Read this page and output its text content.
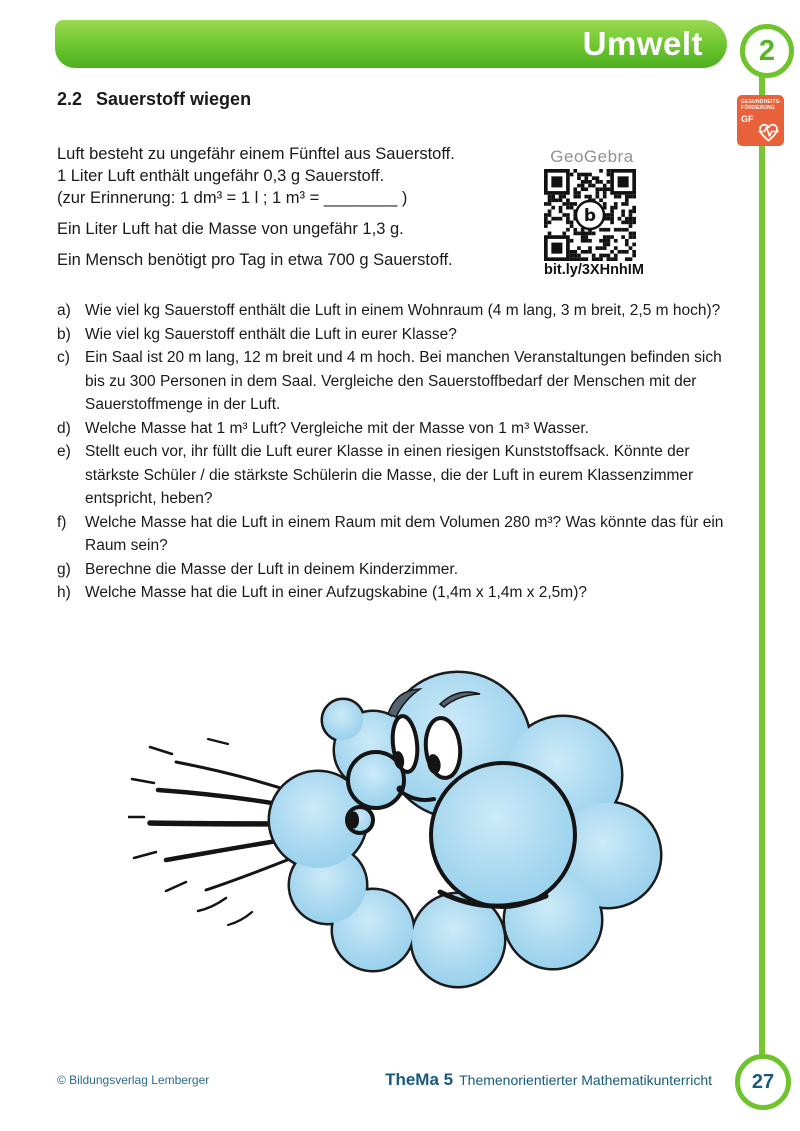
Umwelt 2
GESUNDHEITS-
FÖRDERUNG
GF
2.2 Sauerstoff wiegen

Luft besteht zu ungefähr einem Fünftel aus Sauerstoff.

1 Liter Luft enthält ungefähr 0,3 g Sauerstoff.

(zur Erinnerung: 1 dm³ = 1 l ; 1 m³ = ________ )

Ein Liter Luft hat die Masse von ungefähr 1,3 g.

Ein Mensch benötigt pro Tag in etwa 700 g Sauerstoff.

GeoGebra
b
bit.ly/3XHnhIM
a) Wie viel kg Sauerstoff enthält die Luft in einem Wohnraum (4 m lang, 3 m breit, 2,5 m hoch)?
b) Wie viel kg Sauerstoff enthält die Luft in eurer Klasse?
c) Ein Saal ist 20 m lang, 12 m breit und 4 m hoch. Bei manchen Veranstaltungen befinden sich bis zu 300 Personen in dem Saal. Vergleiche den Sauerstoffbedarf der Menschen mit der Sauerstoffmenge in der Luft.
d) Welche Masse hat 1 m³ Luft? Vergleiche mit der Masse von 1 m³ Wasser.
e) Stellt euch vor, ihr füllt die Luft eurer Klasse in einen riesigen Kunststoffsack. Könnte der stärkste Schüler / die stärkste Schülerin die Masse, die der Luft in eurem Klassenzimmer entspricht, heben?
f)	Welche Masse hat die Luft in einem Raum mit dem Volumen 280 m³? Was könnte das für ein Raum sein?
g) Berechne die Masse der Luft in deinem Kinderzimmer.
h) Welche Masse hat die Luft in einer Aufzugskabine (1,4m x 1,4m x 2,5m)?
© Bildungsverlag Lemberger	TheMa 5 Themenorientierter Mathematikunterricht 27
